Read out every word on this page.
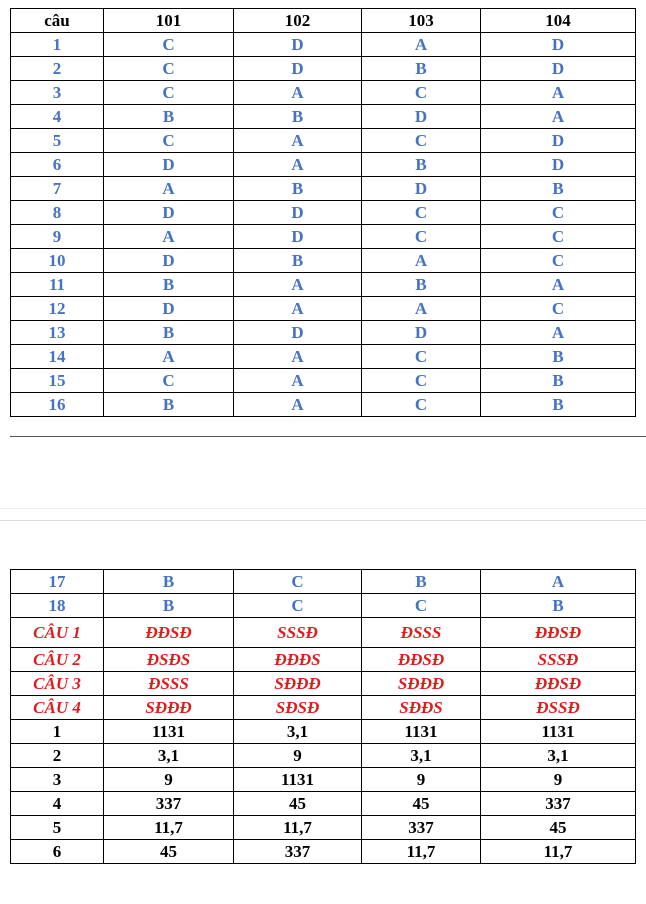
câu	101	102	103	104
1	C	D	A	D
2	C	D	B	D
3	C	A	C	A
4	B	B	D	A
5	C	A	C	D
6	D	A	B	D
7	A	B	D	B
8	D	D	C	C
9	A	D	C	C
10	D	B	A	C
11	B	A	B	A
12	D	A	A	C
13	B	D	D	A
14	A	A	C	B
15	C	A	C	B
16	B	A	C	B
17	B	C	B	A
18	B	C	C	B
CÂU 1	ĐĐSĐ	SSSĐ	ĐSSS	ĐĐSĐ
CÂU 2	ĐSĐS	ĐĐĐS	ĐĐSĐ	SSSĐ
CÂU 3	ĐSSS	SĐĐĐ	SĐĐĐ	ĐĐSĐ
CÂU 4	SĐĐĐ	SĐSĐ	SĐĐS	ĐSSĐ
1	1131	3,1	1131	1131
2	3,1	9	3,1	3,1
3	9	1131	9	9
4	337	45	45	337
5	11,7	11,7	337	45
6	45	337	11,7	11,7
